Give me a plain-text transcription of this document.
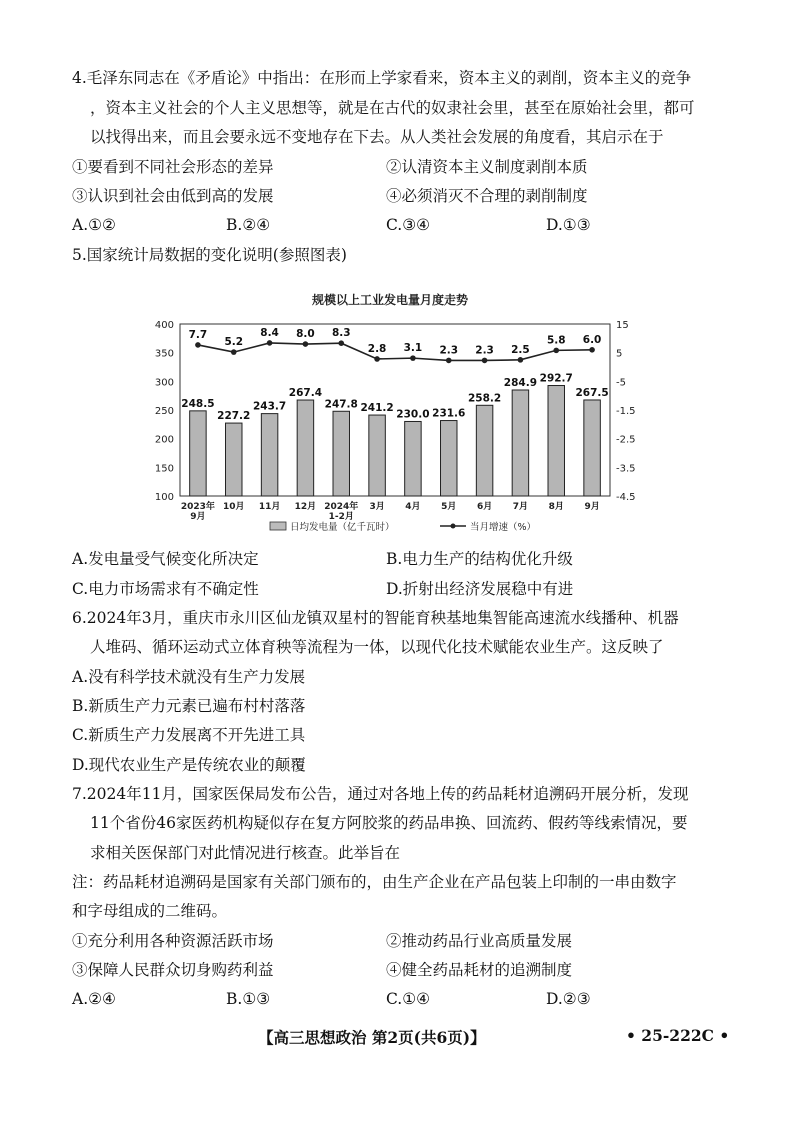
4.毛泽东同志在《矛盾论》中指出：在形而上学家看来，资本主义的剥削，资本主义的竞争
，资本主义社会的个人主义思想等，就是在古代的奴隶社会里，甚至在原始社会里，都可
以找得出来，而且会要永远不变地存在下去。从人类社会发展的角度看，其启示在于
①要看到不同社会形态的差异	②认清资本主义制度剥削本质
③认识到社会由低到高的发展	④必须消灭不合理的剥削制度
A.①②	B.②④	C.③④	D.①③
5.国家统计局数据的变化说明(参照图表)
规模以上工业发电量月度走势
100
150
200
250
300
350
400
-4.5
-3.5
-2.5
-1.5
-5
5
15
248.5
227.2
243.7
267.4
247.8 241.2
230.0 231.6
258.2
284.9 292.7
267.5
7.7
5.2
8.4 8.0 8.3
2.8 3.1 2.3 2.3 2.5
5.8 6.0
2023年 9月
10月 11月 12月 2024年 1-2月
3月 4月 5月 6月 7月 8月 9月
日均发电量（亿千瓦时）	当月增速（%）
A.发电量受气候变化所决定	B.电力生产的结构优化升级
C.电力市场需求有不确定性	D.折射出经济发展稳中有进
6.2024年3月，重庆市永川区仙龙镇双星村的智能育秧基地集智能高速流水线播种、机器
人堆码、循环运动式立体育秧等流程为一体，以现代化技术赋能农业生产。这反映了
A.没有科学技术就没有生产力发展
B.新质生产力元素已遍布村村落落
C.新质生产力发展离不开先进工具
D.现代农业生产是传统农业的颠覆
7.2024年11月，国家医保局发布公告，通过对各地上传的药品耗材追溯码开展分析，发现
11个省份46家医药机构疑似存在复方阿胶浆的药品串换、回流药、假药等线索情况，要
求相关医保部门对此情况进行核查。此举旨在
注：药品耗材追溯码是国家有关部门颁布的，由生产企业在产品包装上印制的一串由数字
和字母组成的二维码。
①充分利用各种资源活跃市场	②推动药品行业高质量发展
③保障人民群众切身购药利益	④健全药品耗材的追溯制度
A.②④	B.①③	C.①④	D.②③
【高三思想政治 第2页(共6页)】	• 25-222C •
